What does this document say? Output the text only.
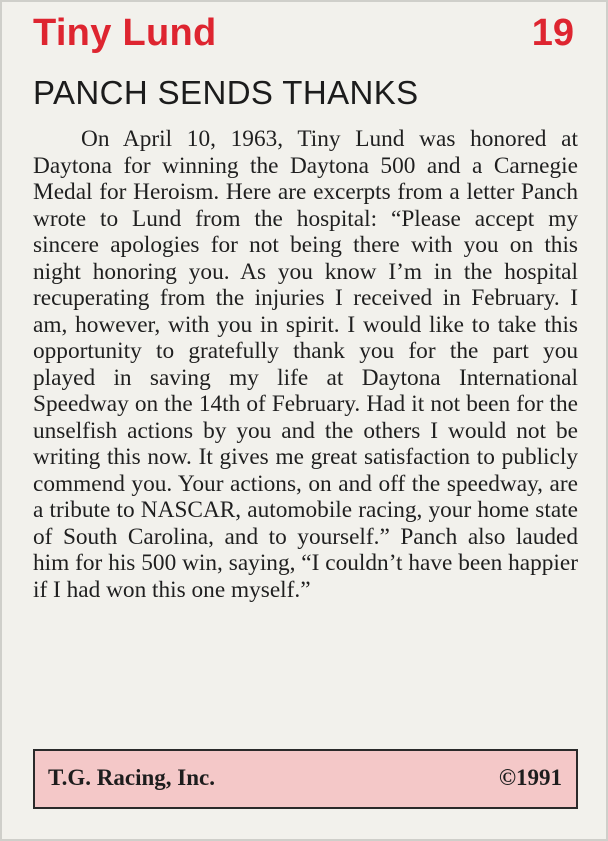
Tiny Lund	19
PANCH SENDS THANKS

On April 10, 1963, Tiny Lund was honored at Daytona for winning the Daytona 500 and a Carnegie Medal for Heroism. Here are excerpts from a letter Panch wrote to Lund from the hospital: “Please accept my sincere apologies for not being there with you on this night honoring you. As you know I’m in the hospital recuperating from the injuries I received in February. I am, however, with you in spirit. I would like to take this opportunity to gratefully thank you for the part you played in saving my life at Daytona International Speedway on the 14th of February. Had it not been for the unselfish actions by you and the others I would not be writing this now. It gives me great satisfaction to publicly commend you. Your actions, on and off the speedway, are a tribute to NASCAR, automobile racing, your home state of South Carolina, and to yourself.” Panch also lauded him for his 500 win, saying, “I couldn’t have been happier if I had won this one myself.”

T.G. Racing, Inc.	©1991
